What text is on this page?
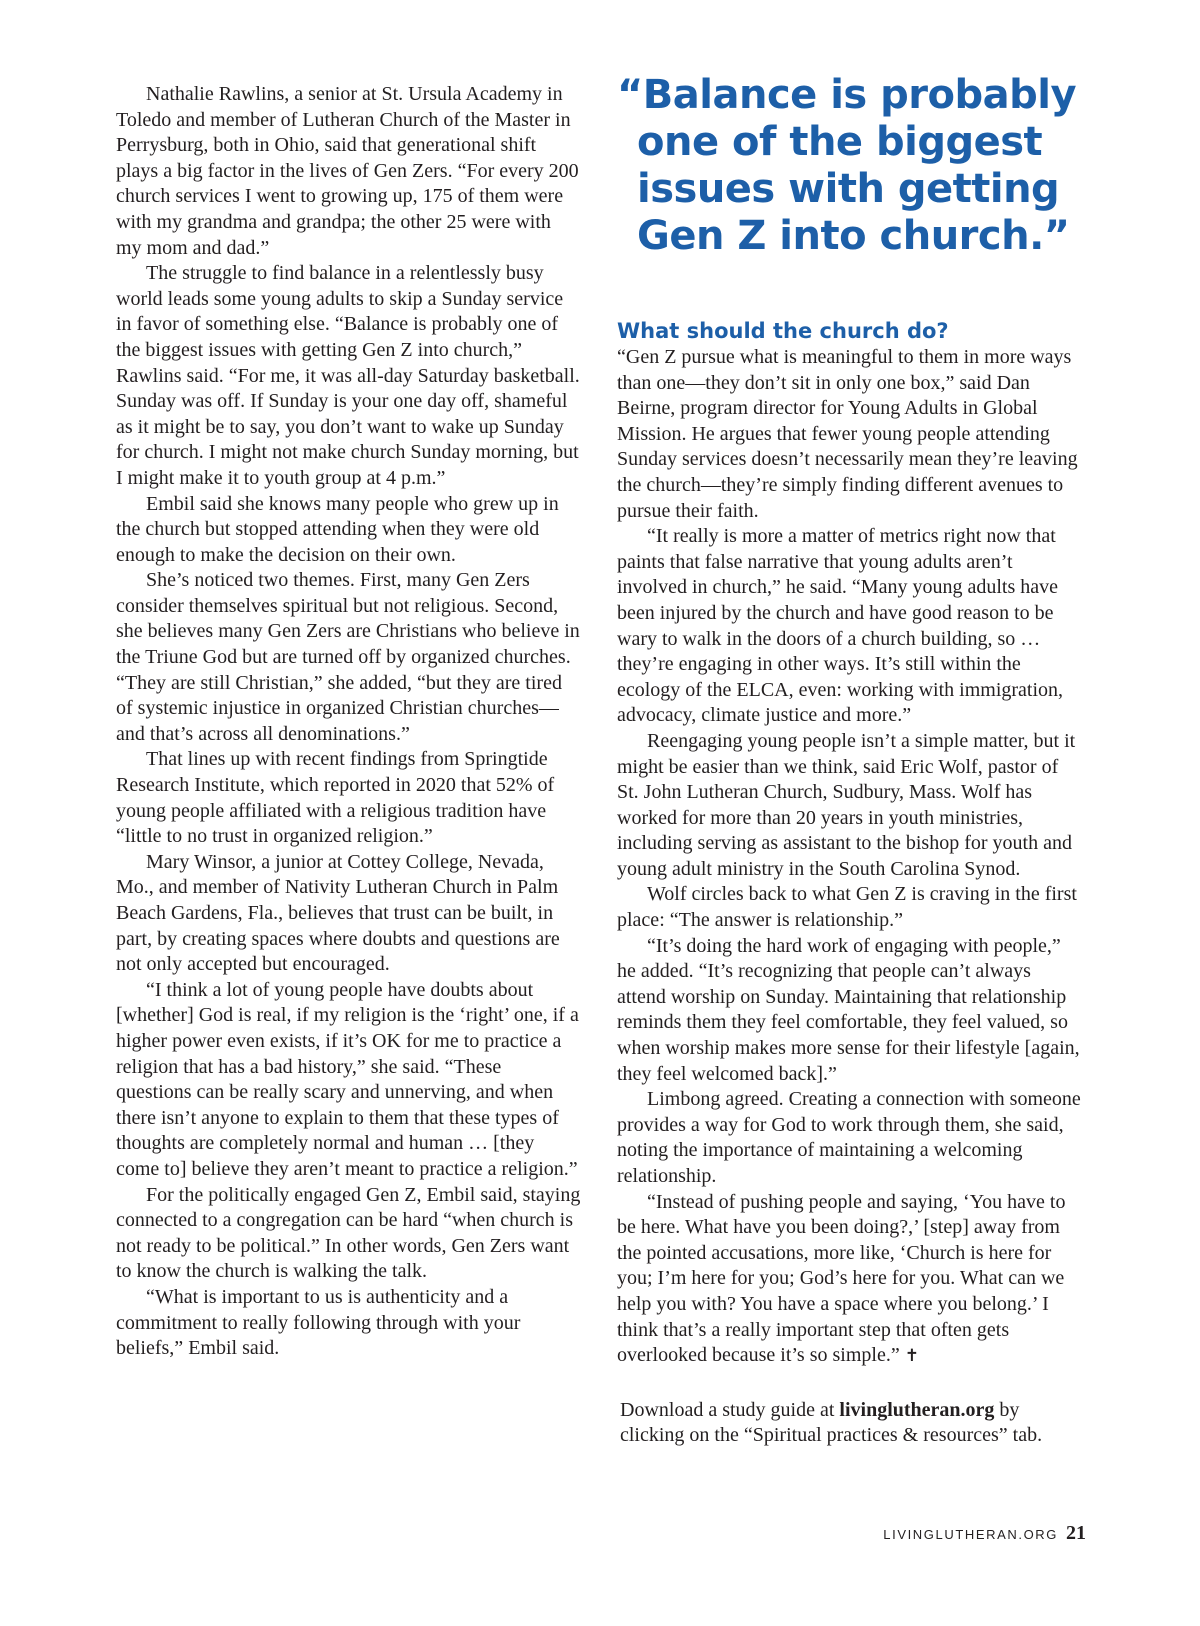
Nathalie Rawlins, a senior at St. Ursula Academy in Toledo and member of Lutheran Church of the Master in Perrysburg, both in Ohio, said that generational shift plays a big factor in the lives of Gen Zers. “For every 200 church services I went to growing up, 175 of them were with my grandma and grandpa; the other 25 were with my mom and dad.”

The struggle to find balance in a relentlessly busy world leads some young adults to skip a Sunday service in favor of something else. “Balance is probably one of the biggest issues with getting Gen Z into church,” Rawlins said. “For me, it was all-day Saturday basketball. Sunday was off. If Sunday is your one day off, shameful as it might be to say, you don’t want to wake up Sunday for church. I might not make church Sunday morning, but I might make it to youth group at 4 p.m.”

Embil said she knows many people who grew up in the church but stopped attending when they were old enough to make the decision on their own.

She’s noticed two themes. First, many Gen Zers consider themselves spiritual but not religious. Second, she believes many Gen Zers are Christians who believe in the Triune God but are turned off by organized churches. “They are still Christian,” she added, “but they are tired of systemic injustice in organized Christian churches—and that’s across all denominations.”

That lines up with recent findings from Springtide Research Institute, which reported in 2020 that 52% of young people affiliated with a religious tradition have “little to no trust in organized religion.”

Mary Winsor, a junior at Cottey College, Nevada, Mo., and member of Nativity Lutheran Church in Palm Beach Gardens, Fla., believes that trust can be built, in part, by creating spaces where doubts and questions are not only accepted but encouraged.

“I think a lot of young people have doubts about [whether] God is real, if my religion is the ‘right’ one, if a higher power even exists, if it’s OK for me to practice a religion that has a bad history,” she said. “These questions can be really scary and unnerving, and when there isn’t anyone to explain to them that these types of thoughts are completely normal and human … [they come to] believe they aren’t meant to practice a religion.”

For the politically engaged Gen Z, Embil said, staying connected to a congregation can be hard “when church is not ready to be political.” In other words, Gen Zers want to know the church is walking the talk.

“What is important to us is authenticity and a commitment to really following through with your beliefs,” Embil said.

“Balance is probably one of the biggest issues with getting Gen Z into church.”
What should the church do?

“Gen Z pursue what is meaningful to them in more ways than one—they don’t sit in only one box,” said Dan Beirne, program director for Young Adults in Global Mission. He argues that fewer young people attending Sunday services doesn’t necessarily mean they’re leaving the church—they’re simply finding different avenues to pursue their faith.

“It really is more a matter of metrics right now that paints that false narrative that young adults aren’t involved in church,” he said. “Many young adults have been injured by the church and have good reason to be wary to walk in the doors of a church building, so … they’re engaging in other ways. It’s still within the ecology of the ELCA, even: working with immigration, advocacy, climate justice and more.”

Reengaging young people isn’t a simple matter, but it might be easier than we think, said Eric Wolf, pastor of St. John Lutheran Church, Sudbury, Mass. Wolf has worked for more than 20 years in youth ministries, including serving as assistant to the bishop for youth and young adult ministry in the South Carolina Synod.

Wolf circles back to what Gen Z is craving in the first place: “The answer is relationship.”

“It’s doing the hard work of engaging with people,” he added. “It’s recognizing that people can’t always attend worship on Sunday. Maintaining that relationship reminds them they feel comfortable, they feel valued, so when worship makes more sense for their lifestyle [again, they feel welcomed back].”

Limbong agreed. Creating a connection with someone provides a way for God to work through them, she said, noting the importance of maintaining a welcoming relationship.

“Instead of pushing people and saying, ‘You have to be here. What have you been doing?,’ [step] away from the pointed accusations, more like, ‘Church is here for you; I’m here for you; God’s here for you. What can we help you with? You have a space where you belong.’ I think that’s a really important step that often gets overlooked because it’s so simple.” ✝

Download a study guide at livinglutheran.org by clicking on the “Spiritual practices & resources” tab.
LIVINGLUTHERAN.ORG 21
